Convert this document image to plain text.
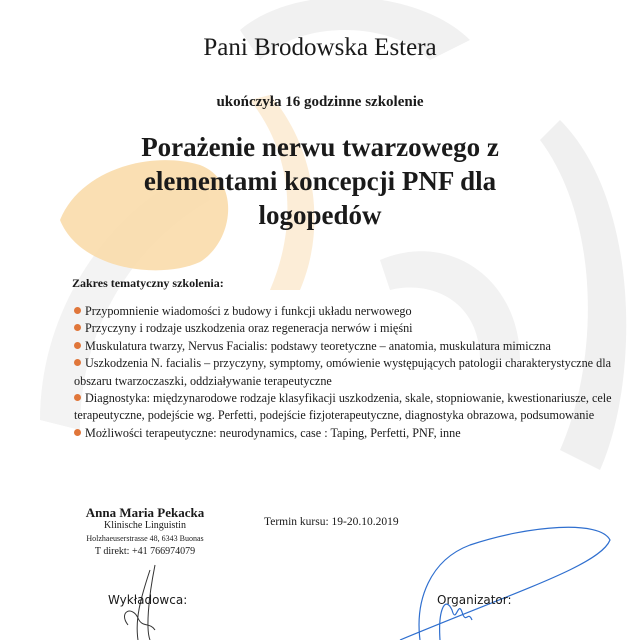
Pani Brodowska Estera
ukończyła 16 godzinne szkolenie
Porażenie nerwu twarzowego z
elementami koncepcji PNF dla
logopedów
Zakres tematyczny szkolenia:
Przypomnienie wiadomości z budowy i funkcji układu nerwowego
Przyczyny i rodzaje uszkodzenia oraz regeneracja nerwów i mięśni
Muskulatura twarzy, Nervus Facialis: podstawy teoretyczne – anatomia, muskulatura mimiczna
Uszkodzenia N. facialis – przyczyny, symptomy, omówienie występujących patologii charakterystyczne dla obszaru twarzoczaszki, oddziaływanie terapeutyczne
Diagnostyka: międzynarodowe rodzaje klasyfikacji uszkodzenia, skale, stopniowanie, kwestionariusze, cele terapeutyczne, podejście wg. Perfetti, podejście fizjoterapeutyczne, diagnostyka obrazowa, podsumowanie
Możliwości terapeutyczne: neurodynamics, case : Taping, Perfetti, PNF, inne
Anna Maria Pekacka
Klinische Linguistin
Holzhaeuserstrasse 48, 6343 Buonas
T direkt: +41 766974079
Termin kursu: 19-20.10.2019
Wykładowca:	Organizator:
